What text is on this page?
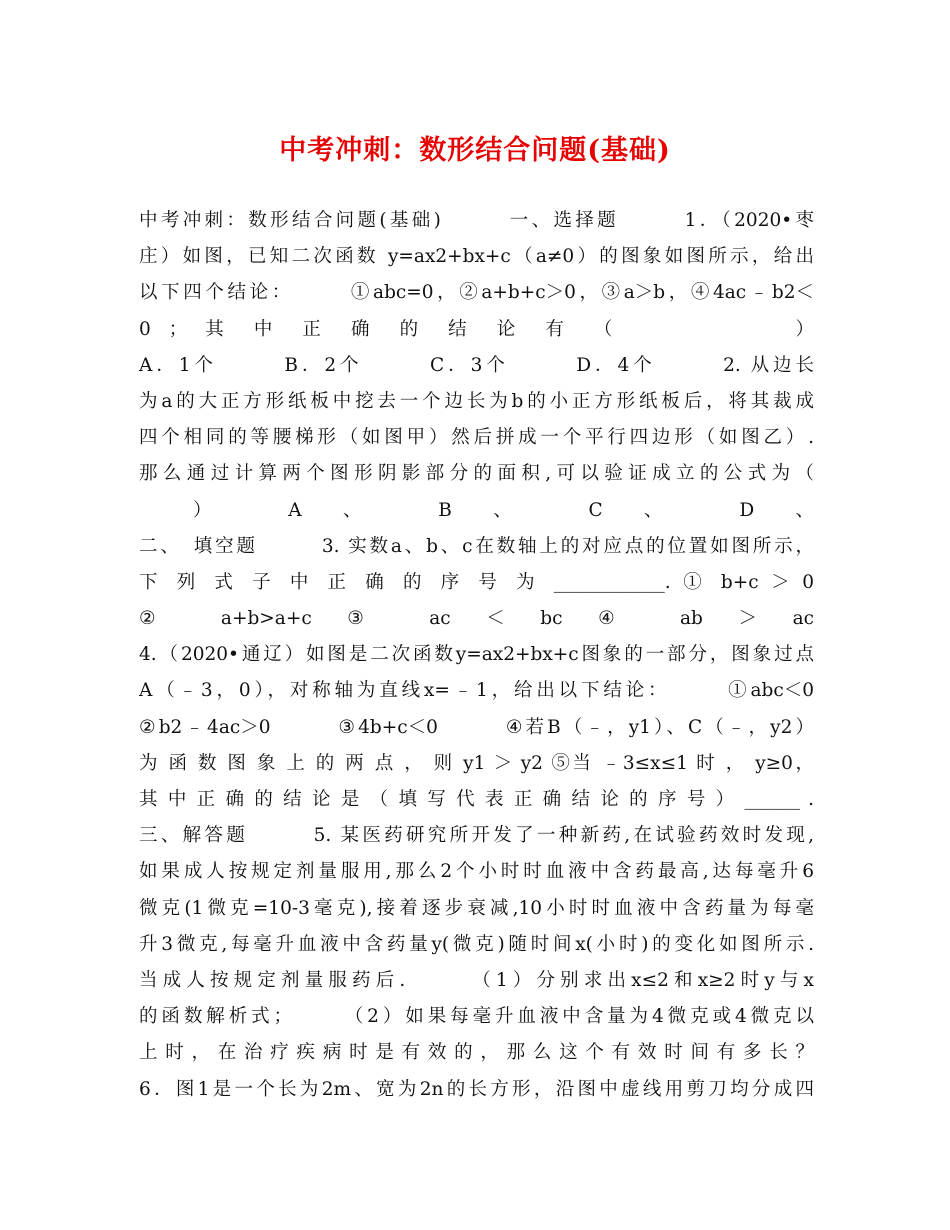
中考冲刺：数形结合问题(基础)
中考冲刺：数形结合问题(基础)　　　一、选择题　　　1．（2020•枣
庄）如图，已知二次函数 y=ax2+bx+c（a≠0）的图象如图所示，给出
以下四个结论：　　　①abc=0，②a+b+c＞0，③a＞b，④4ac﹣b2＜
0 ； 其 中 正 确 的 结 论 有 （　　　　　 ）
A．1个　　　B．2个　　　C．3个　　　D．4个　　　2. 从边长
为a的大正方形纸板中挖去一个边长为b的小正方形纸板后，将其裁成
四个相同的等腰梯形（如图甲）然后拼成一个平行四边形（如图乙）.
那么通过计算两个图形阴影部分的面积,可以验证成立的公式为（
　） A 、 B 、 C 、 D 、
二、　填空题　　　3. 实数a、b、c在数轴上的对应点的位置如图所示，
下 列 式 子 中 正 确 的 序 号 为 ____________. ① b+c ＞ 0
② a+b>a+c ③ ac ＜ bc ④ ab ＞ ac
4.（2020•通辽）如图是二次函数y=ax2+bx+c图象的一部分，图象过点
A（﹣3，0），对称轴为直线x=﹣1，给出以下结论：　　　①abc＜0
②b2﹣4ac＞0　　　③4b+c＜0　　　④若B（﹣，y1）、C（﹣，y2）
为 函 数 图 象 上 的 两 点 ， 则 y1 ＞ y2 ⑤当 ﹣3≤x≤1 时 ， y≥0，
其 中 正 确 的 结 论 是 （ 填 写 代 表 正 确 结 论 的 序 号 ） ______ .
三、解答题　　　5. 某医药研究所开发了一种新药,在试验药效时发现,
如果成人按规定剂量服用,那么2个小时时血液中含药最高,达每毫升6
微克(1微克=10-3毫克),接着逐步衰减,10小时时血液中含药量为每毫
升3微克,每毫升血液中含药量y(微克)随时间x(小时)的变化如图所示.
当成人按规定剂量服药后.　　　（1）分别求出x≤2和x≥2时y与x
的函数解析式；　　　（2）如果每毫升血液中含量为4微克或4微克以
上 时 ， 在 治 疗 疾 病 时 是 有 效 的 ， 那 么 这 个 有 效 时 间 有 多 长 ？
6．图1是一个长为2m、宽为2n的长方形，沿图中虚线用剪刀均分成四
